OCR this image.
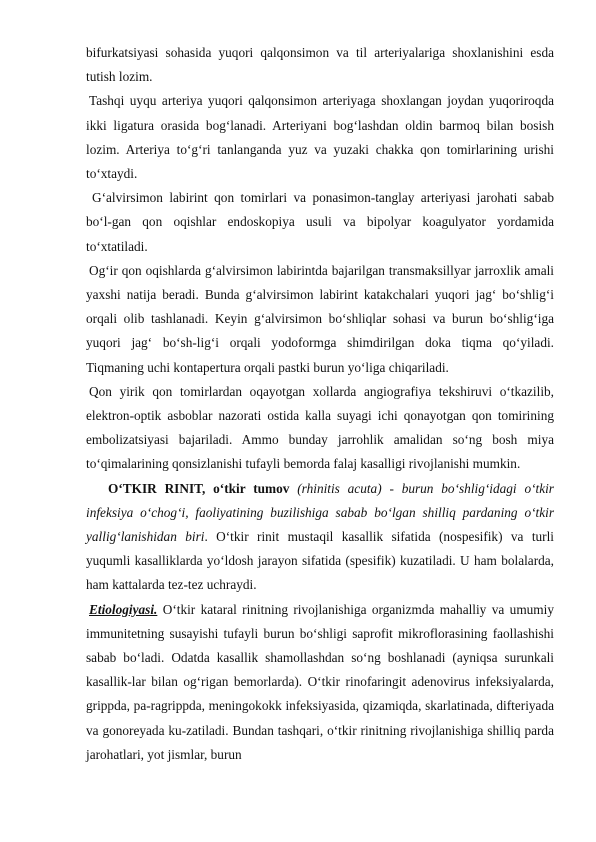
bifurkatsiyasi sohasida yuqori qalqonsimon va til arteriyalariga shoxlanishini esda tutish lozim.

Tashqi uyqu arteriya yuqori qalqonsimon arteriyaga shoxlangan joydan yuqoriroqda ikki ligatura orasida bog‘lanadi. Arteriyani bog‘lashdan oldin barmoq bilan bosish lozim. Arteriya to‘g‘ri tanlanganda yuz va yuzaki chakka qon tomirlarining urishi to‘xtaydi.

G‘alvirsimon labirint qon tomirlari va ponasimon-tanglay arteriyasi jarohati sabab bo‘l-gan qon oqishlar endoskopiya usuli va bipolyar koagulyator yordamida to‘xtatiladi.

Og‘ir qon oqishlarda g‘alvirsimon labirintda bajarilgan transmaksillyar jarroxlik amali yaxshi natija beradi. Bunda g‘alvirsimon labirint katakchalari yuqori jag‘ bo‘shlig‘i orqali olib tashlanadi. Keyin g‘alvirsimon bo‘shliqlar sohasi va burun bo‘shlig‘iga yuqori jag‘ bo‘sh-lig‘i orqali yodoformga shimdirilgan doka tiqma qo‘yiladi. Tiqmaning uchi kontapertura orqali pastki burun yo‘liga chiqariladi.

Qon yirik qon tomirlardan oqayotgan xollarda angiografiya tekshiruvi o‘tkazilib, elektron-optik asboblar nazorati ostida kalla suyagi ichi qonayotgan qon tomirining embolizatsiyasi bajariladi. Ammo bunday jarrohlik amalidan so‘ng bosh miya to‘qimalarining qonsizlanishi tufayli bemorda falaj kasalligi rivojlanishi mumkin.

O‘TKIR RINIT, o‘tkir tumov (rhinitis acuta) - burun bo‘shlig‘idagi o‘tkir infeksiya o‘chog‘i, faoliyatining buzilishiga sabab bo‘lgan shilliq pardaning o‘tkir yallig‘lanishidan biri. O‘tkir rinit mustaqil kasallik sifatida (nospesifik) va turli yuqumli kasalliklarda yo‘ldosh jarayon sifatida (spesifik) kuzatiladi. U ham bolalarda, ham kattalarda tez-tez uchraydi.

Etiologiyasi. O‘tkir kataral rinitning rivojlanishiga organizmda mahalliy va umumiy immunitetning susayishi tufayli burun bo‘shligi saprofit mikroflorasining faollashishi sabab bo‘ladi. Odatda kasallik shamollashdan so‘ng boshlanadi (ayniqsa surunkali kasallik-lar bilan og‘rigan bemorlarda). O‘tkir rinofaringit adenovirus infeksiyalarda, grippda, pa-ragrippda, meningokokk infeksiyasida, qizamiqda, skarlatinada, difteriyada va gonoreyada ku-zatiladi. Bundan tashqari, o‘tkir rinitning rivojlanishiga shilliq parda jarohatlari, yot jismlar, burun
